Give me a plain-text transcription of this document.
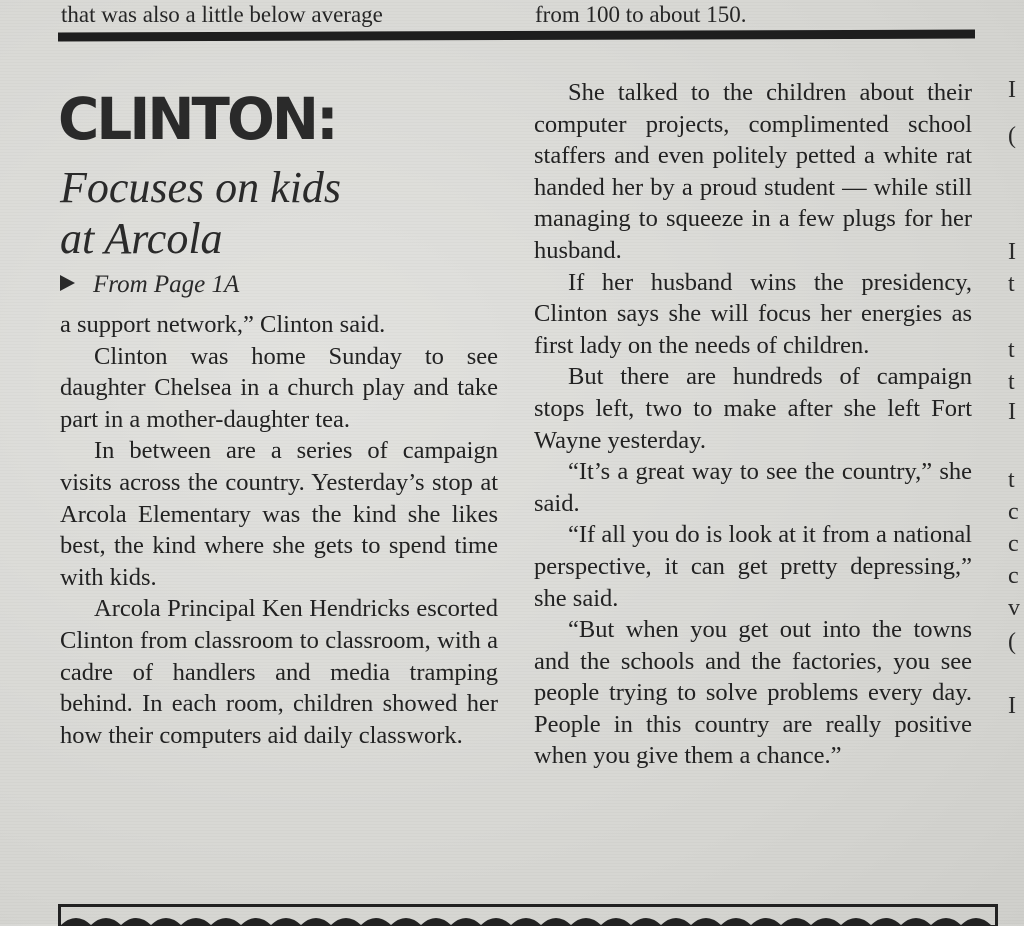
that was also a little below average	from 100 to about 150.
CLINTON:
Focuses on kids
at Arcola
From Page 1A

a support network,” Clinton said.

Clinton was home Sunday to see daughter Chelsea in a church play and take part in a mother-daughter tea.

In between are a series of campaign visits across the country. Yesterday’s stop at Arcola Elementary was the kind she likes best, the kind where she gets to spend time with kids.

Arcola Principal Ken Hendricks escorted Clinton from classroom to classroom, with a cadre of handlers and media tramping behind. In each room, children showed her how their computers aid daily classwork.

She talked to the children about their computer projects, complimented school staffers and even politely petted a white rat handed her by a proud student — while still managing to squeeze in a few plugs for her husband.

If her husband wins the presidency, Clinton says she will focus her energies as first lady on the needs of children.

But there are hundreds of campaign stops left, two to make after she left Fort Wayne yesterday.

“It’s a great way to see the country,” she said.

“If all you do is look at it from a national perspective, it can get pretty depressing,” she said.

“But when you get out into the towns and the schools and the factories, you see people trying to solve problems every day. People in this country are really positive when you give them a chance.”

I
(
I
t
t
t
I
t
c
c
c
v
(
I
